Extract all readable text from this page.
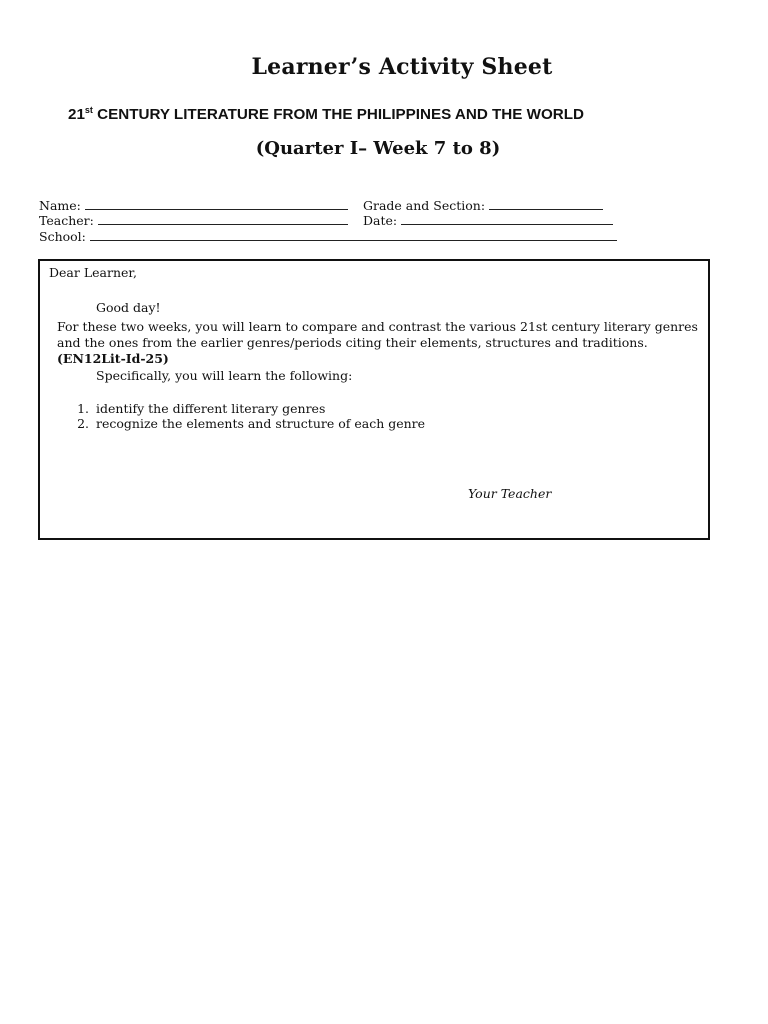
Learner’s Activity Sheet
21st CENTURY LITERATURE FROM THE PHILIPPINES AND THE WORLD
(Quarter I– Week 7 to 8)
Name:	Grade and Section:
Teacher:	Date:
School:
Dear Learner,
Good day!
For these two weeks, you will learn to compare and contrast the various 21st century literary genres and the ones from the earlier genres/periods citing their elements, structures and traditions. (EN12Lit-Id-25)
Specifically, you will learn the following:
1. identify the different literary genres
2. recognize the elements and structure of each genre
Your Teacher
